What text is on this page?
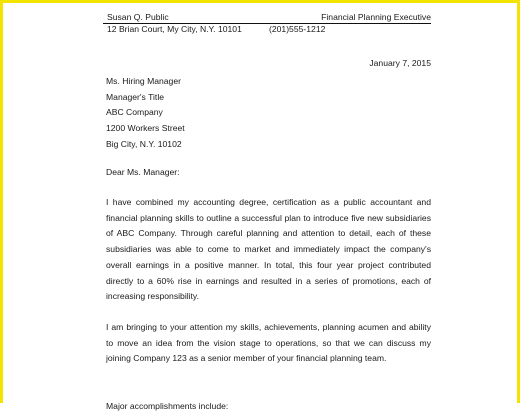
Susan Q. Public	Financial Planning Executive
12 Brian Court, My City, N.Y. 10101	(201)555-1212
January 7, 2015
Ms. Hiring Manager
Manager's Title
ABC Company
1200 Workers Street
Big City, N.Y. 10102
Dear Ms. Manager:
I have combined my accounting degree, certification as a public accountant and financial planning skills to outline a successful plan to introduce five new subsidiaries of ABC Company. Through careful planning and attention to detail, each of these subsidiaries was able to come to market and immediately impact the company's overall earnings in a positive manner. In total, this four year project contributed directly to a 60% rise in earnings and resulted in a series of promotions, each of increasing responsibility.
I am bringing to your attention my skills, achievements, planning acumen and ability to move an idea from the vision stage to operations, so that we can discuss my joining Company 123 as a senior member of your financial planning team.
Major accomplishments include:
